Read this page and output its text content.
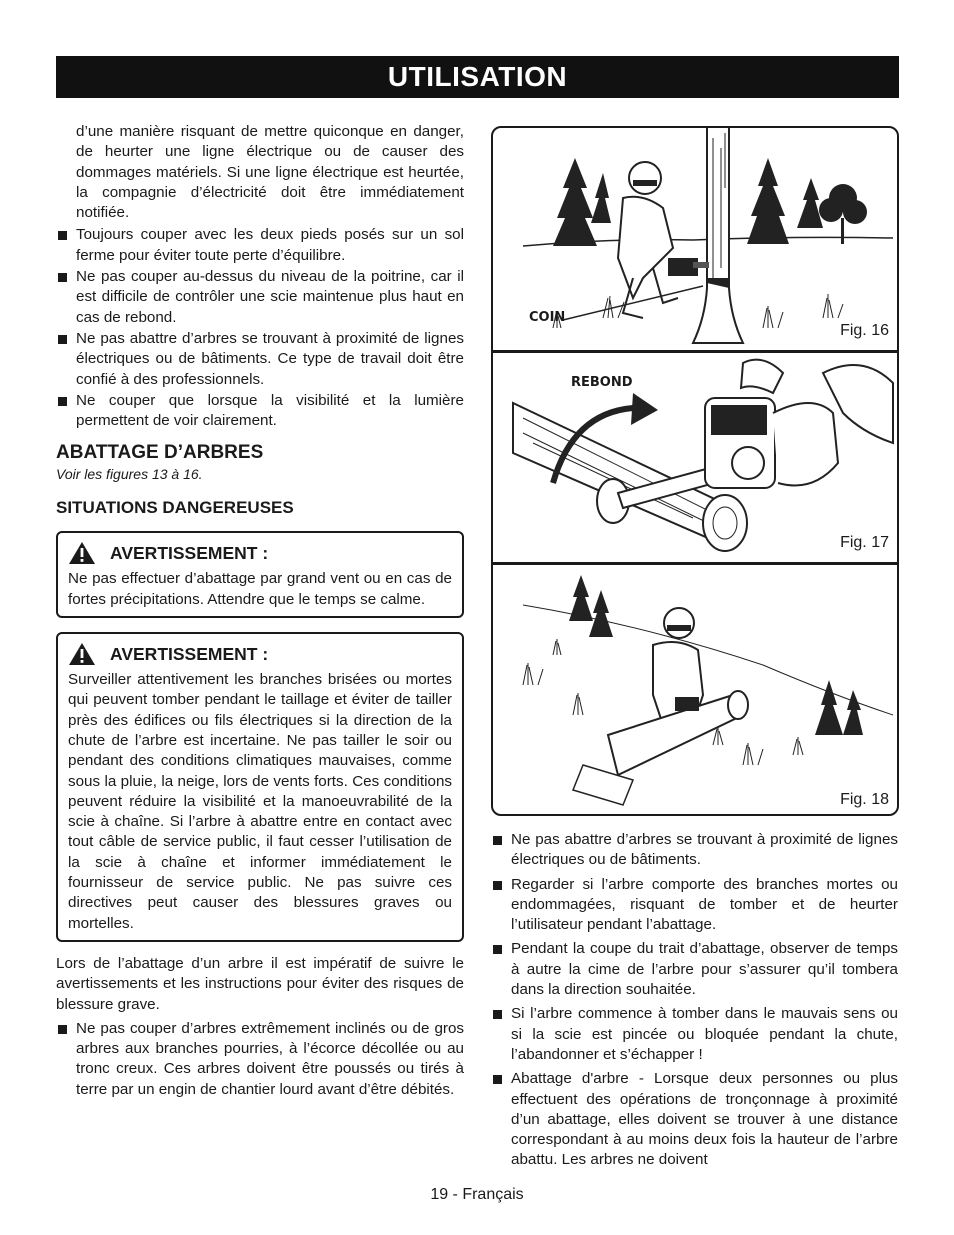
UTILISATION

d’une manière risquant de mettre quiconque en danger, de heurter une ligne électrique ou de causer des dommages matériels. Si une ligne électrique est heurtée, la compagnie d’électricité doit être immédiatement notifiée.

Toujours couper avec les deux pieds posés sur un sol ferme pour éviter toute perte d’équilibre.
Ne pas couper au-dessus du niveau de la poitrine, car il est difficile de contrôler une scie maintenue plus haut en cas de rebond.
Ne pas abattre d’arbres se trouvant à proximité de lignes électriques ou de bâtiments. Ce type de travail doit être confié à des professionnels.
Ne couper que lorsque la visibilité et la lumière permettent de voir clairement.
ABATTAGE D’ARBRES
Voir les figures 13 à 16.
SITUATIONS DANGEREUSES
AVERTISSEMENT :

Ne pas effectuer d’abattage par grand vent ou en cas de fortes précipitations. Attendre que le temps se calme.

AVERTISSEMENT :

Surveiller attentivement les branches brisées ou mortes qui peuvent tomber pendant le taillage et éviter de tailler près des édifices ou fils électriques si la direction de la chute de l’arbre est incertaine. Ne pas tailler le soir ou pendant des conditions climatiques mauvaises, comme sous la pluie, la neige, lors de vents forts. Ces conditions peuvent réduire la visibilité et la manoeuvrabilité de la scie à chaîne. Si l’arbre à abattre entre en contact avec tout câble de service public, il faut cesser l’utilisation de la scie à chaîne et informer immédiatement le fournisseur de service public. Ne pas suivre ces directives peut causer des blessures graves ou mortelles.

Lors de l’abattage d’un arbre il est impératif de suivre le avertissements et les instructions pour éviter des risques de blessure grave.

Ne pas couper d’arbres extrêmement inclinés ou de gros arbres aux branches pourries, à l’écorce décollée ou au tronc creux. Ces arbres doivent être poussés ou tirés à terre par un engin de chantier lourd avant d’être débités.
COIN
Fig. 16
REBOND
Fig. 17
Fig. 18
Ne pas abattre d’arbres se trouvant à proximité de lignes électriques ou de bâtiments.
Regarder si l’arbre comporte des branches mortes ou endommagées, risquant de tomber et de heurter l’utilisateur pendant l’abattage.
Pendant la coupe du trait d’abattage, observer de temps à autre la cime de l’arbre pour s’assurer qu’il tombera dans la direction souhaitée.
Si l’arbre commence à tomber dans le mauvais sens ou si la scie est pincée ou bloquée pendant la chute, l’abandonner et s’échapper !
Abattage d'arbre - Lorsque deux personnes ou plus effectuent des opérations de tronçonnage à proximité d’un abattage, elles doivent se trouver à une distance correspondant à au moins deux fois la hauteur de l’arbre abattu. Les arbres ne doivent
19 - Français
